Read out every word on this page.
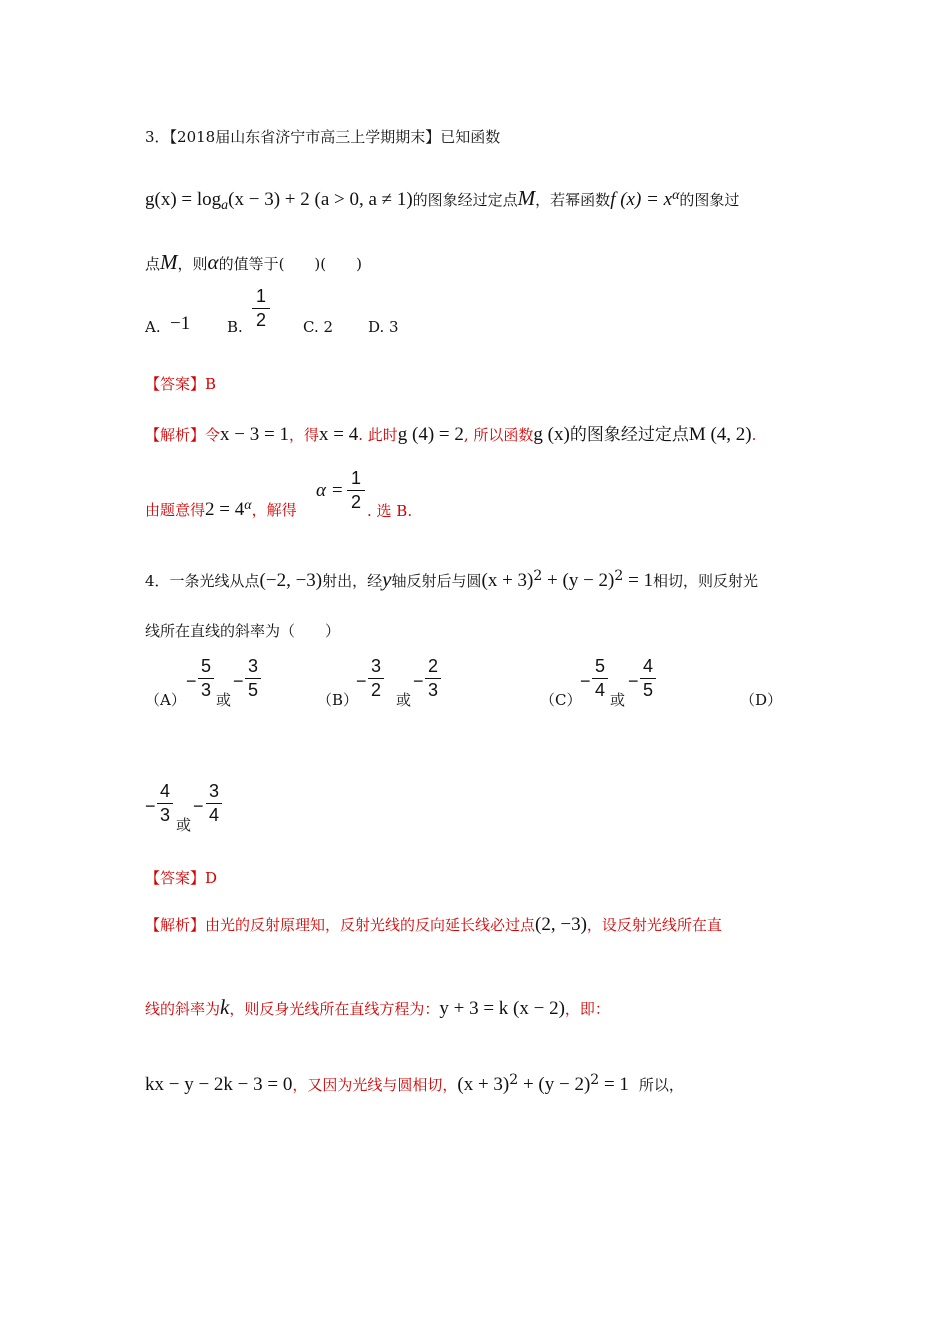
3．【2018届山东省济宁市高三上学期期末】已知函数
$g(x) = \log_a(x - 3) + 2$ (a > 0, a ≠ 1)的图象经过定点M，若幂函数f $(x) = x^\alpha$的图象过
点M，则α的值等于(　　)(　　)
A. −1 B.
1
2 C. 2 D. 3
【答案】B
【解析】令x − 3 = 1，得x = 4. 此时g (4) = 2, 所以函数g (x)的图象经过定点M (4, 2).
由题意得$2 = 4^\alpha$，解得
α =
1
2 . 选 B.
4．一条光线从点(−2, −3)射出，经y轴反射后与圆$(x + 3)^2 + (y - 2)^2 = 1$相切，则反射光
线所在直线的斜率为（　　）
（A）
−
5
3 或
−
3
5	（B）
−
3
2 或
−
2
3	（C）
−
5
4 或
−
4
5	（D）
−
4
3 或
−
3
4
【答案】D
【解析】由光的反射原理知，反射光线的反向延长线必过点(2, −3)，设反射光线所在直
线的斜率为k，则反身光线所在直线方程为：y + 3 = k (x − 2)，即：
kx − y − 2k − 3 = 0，又因为光线与圆相切，$(x + 3)^2 + (y - 2)^2 = 1$ 所以，
